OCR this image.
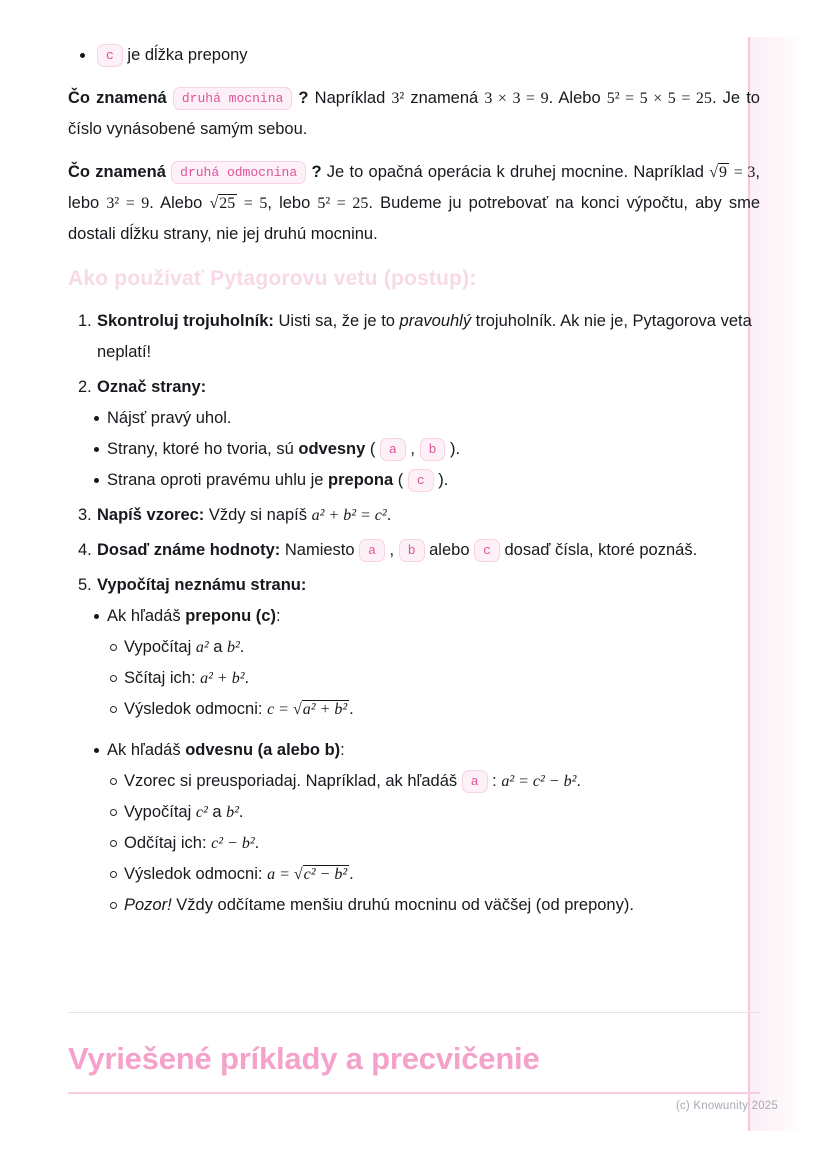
c je dĺžka prepony

Čo znamená druhá mocnina ? Napríklad 3² znamená 3 × 3 = 9. Alebo 5² = 5 × 5 = 25. Je to číslo vynásobené samým sebou.

Čo znamená druhá odmocnina ? Je to opačná operácia k druhej mocnine. Napríklad √9 = 3, lebo 3² = 9. Alebo √25 = 5, lebo 5² = 25. Budeme ju potrebovať na konci výpočtu, aby sme dostali dĺžku strany, nie jej druhú mocninu.

Ako používať Pytagorovu vetu (postup):
1. Skontroluj trojuholník: Uisti sa, že je to pravouhlý trojuholník. Ak nie je, Pytagorova veta neplatí!
2. Označ strany:
Nájsť pravý uhol.
Strany, ktoré ho tvoria, sú odvesny ( a , b ).
Strana oproti pravému uhlu je prepona ( c ).
3. Napíš vzorec: Vždy si napíš a² + b² = c².
4. Dosaď známe hodnoty: Namiesto a , b alebo c dosaď čísla, ktoré poznáš.
5. Vypočítaj neznámu stranu:
Ak hľadáš preponu (c):
Vypočítaj a² a b².
Sčítaj ich: a² + b².
Výsledok odmocni: c = √a² + b² .
Ak hľadáš odvesnu (a alebo b):
Vzorec si preusporiadaj. Napríklad, ak hľadáš a : a² = c² − b².
Vypočítaj c² a b².
Odčítaj ich: c² − b².
Výsledok odmocni: a = √c² − b² .
Pozor! Vždy odčítame menšiu druhú mocninu od väčšej (od prepony).
Vyriešené príklady a precvičenie
(c) Knowunity 2025
